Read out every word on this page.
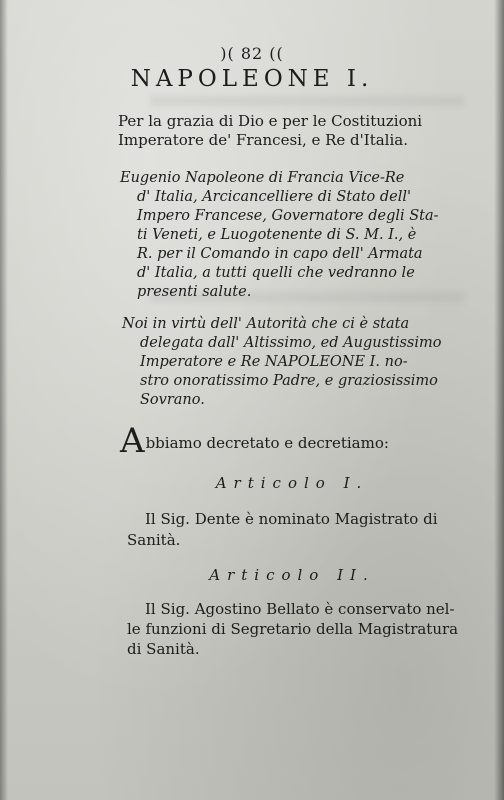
)( 82 ((
NAPOLEONE I.
Per la grazia di Dio e per le Costituzioni
Imperatore de' Francesi, e Re d'Italia.
Eugenio Napoleone di Francia Vice-Re
d' Italia, Arcicancelliere di Stato dell'
Impero Francese, Governatore degli Sta-
ti Veneti, e Luogotenente di S. M. I., è
R. per il Comando in capo dell' Armata
d' Italia, a tutti quelli che vedranno le
presenti salute.
Noi in virtù dell' Autorità che ci è stata
delegata dall' Altissimo, ed Augustissimo
Imperatore e Re NAPOLEONE I. no-
stro onoratissimo Padre, e graziosissimo
Sovrano.
Abbiamo decretato e decretiamo:
Articolo I.
Il Sig. Dente è nominato Magistrato di
Sanità.
Articolo II.
Il Sig. Agostino Bellato è conservato nel-
le funzioni di Segretario della Magistratura
di Sanità.
